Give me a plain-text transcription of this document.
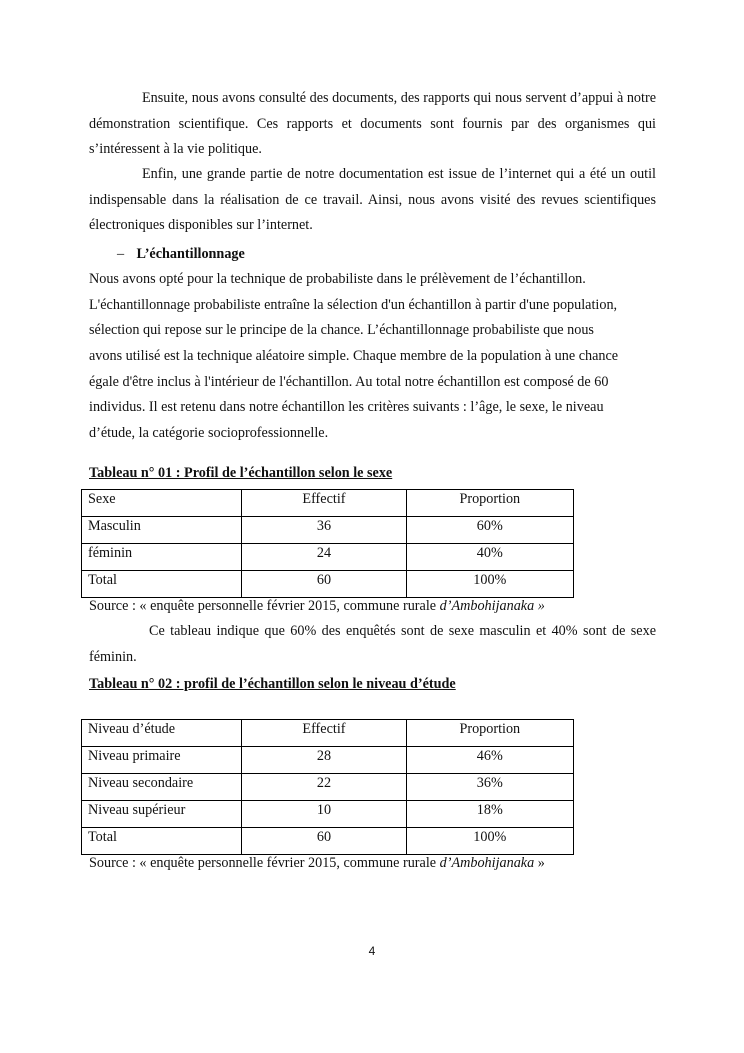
Ensuite, nous avons consulté des documents, des rapports qui nous servent d’appui à notre démonstration scientifique. Ces rapports et documents sont fournis par des organismes qui s’intéressent à la vie politique.

Enfin, une grande partie de notre documentation est issue de l’internet qui a été un outil indispensable dans la réalisation de ce travail. Ainsi, nous avons visité des revues scientifiques électroniques disponibles sur l’internet.

– L’échantillonnage

Nous avons opté pour la technique de probabiliste dans le prélèvement de l’échantillon.

L'échantillonnage probabiliste entraîne la sélection d'un échantillon à partir d'une population,

sélection qui repose sur le principe de la chance. L’échantillonnage probabiliste que nous

avons utilisé est la technique aléatoire simple. Chaque membre de la population à une chance

égale d'être inclus à l'intérieur de l'échantillon. Au total notre échantillon est composé de 60

individus. Il est retenu dans notre échantillon les critères suivants : l’âge, le sexe, le niveau

d’étude, la catégorie socioprofessionnelle.

Tableau n° 01 : Profil de l’échantillon selon le sexe
Sexe	Effectif	Proportion
Masculin	36	60%
féminin	24	40%
Total	60	100%
Source : « enquête personnelle février 2015, commune rurale d’Ambohijanaka »

Ce tableau indique que 60% des enquêtés sont de sexe masculin et 40% sont de sexe féminin.

Tableau n° 02 : profil de l’échantillon selon le niveau d’étude
Niveau d’étude	Effectif	Proportion
Niveau primaire	28	46%
Niveau secondaire	22	36%
Niveau supérieur	10	18%
Total	60	100%
Source : « enquête personnelle février 2015, commune rurale d’Ambohijanaka »
4
